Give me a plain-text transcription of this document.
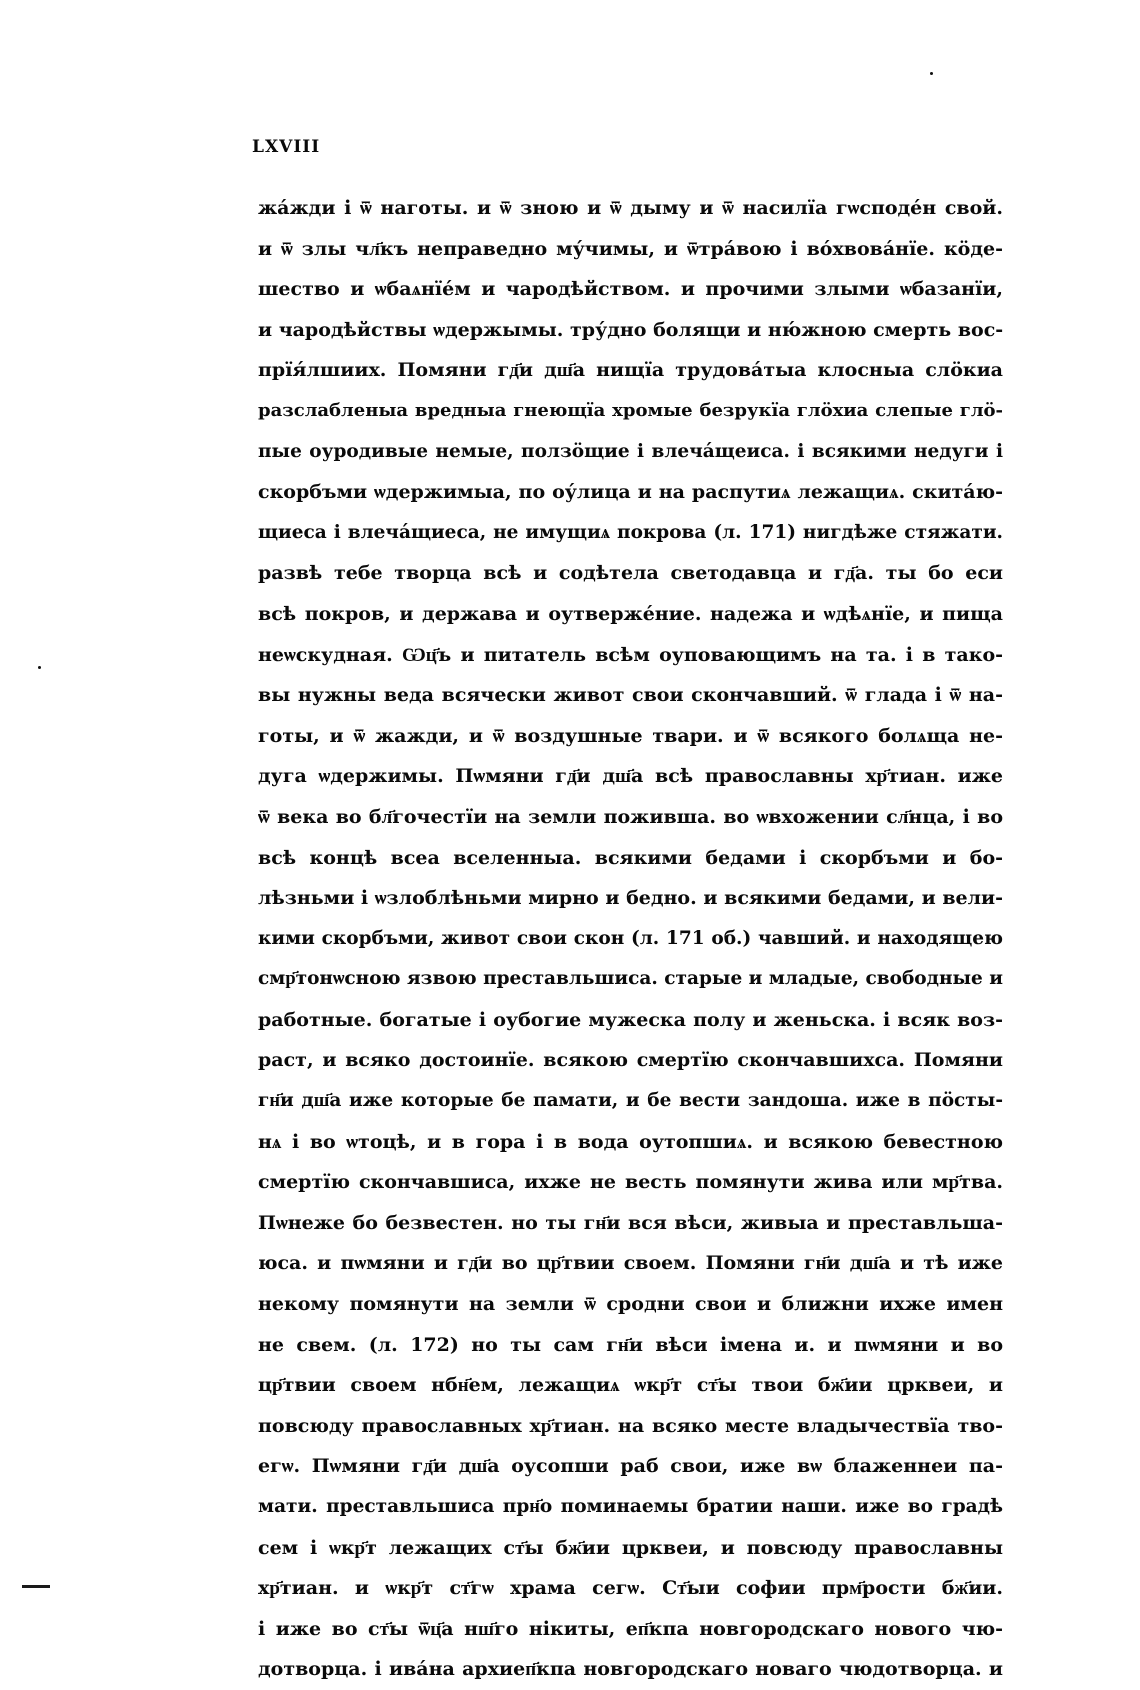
LXVIII
жа́жди і ѿ наготы. и ѿ зною и ѿ дыму и ѿ насилїа гѡсподе́н свой.
и ѿ злы чл҃къ неправедно му́чимы, и ѿтра́вою і во́хвова́нїе. кӧде-
шество и ѡбаѧнїе́м и чародѣйством. и прочими злыми ѡбазанїи,
и чародѣйствы ѡдержымы. тру́дно болящи и ню́жною смерть вос-
прїя́лшиих. Помяни гд҃и дш҃а нищїа трудова́тыа клосныа слӧкиа
разслабленыа вредныа гнеющїа хромые безрукїа глӧхиа слепые глӧ-
пые оуродивые немые, ползӧщие і влеча́щеиса. і всякими недуги і
скорбъми ѡдержимыа, по оу́лица и на распутиѧ лежащиѧ. скита́ю-
щиеса і влеча́щиеса, не имущиѧ покрова (л. 171) нигдѣже стяжати.
развѣ тебе творца всѣ и содѣтела светодавца и гд҃а. ты бо еси
всѣ покров, и держава и оутверже́ние. надежа и ѡдѣѧнїе, и пища
неѡскудная. Ѡц҃ъ и питатель всѣм оуповающимъ на та. і в тако-
вы нужны веда всячески живот свои скончавший. ѿ глада і ѿ на-
готы, и ѿ жажди, и ѿ воздушные твари. и ѿ всякого болѧща не-
дуга ѡдержимы. Пѡмяни гд҃и дш҃а всѣ православны хр҃тиан. иже
ѿ века во бл҃гочестїи на земли поживша. во ѡвхожении сл҃нца, і во
всѣ концѣ всеа вселенныа. всякими бедами і скорбъми и бо-
лѣзньми і ѡзлоблѣньми мирно и бедно. и всякими бедами, и вели-
кими скорбъми, живот свои скон (л. 171 об.) чавший. и находящею
смр҃тонѡсною язвою преставльшиса. старые и младые, свободные и
работные. богатые і оубогие мужеска полу и женьска. і всяк воз-
раст, и всяко достоинїе. всякою смертїю скончавшихса. Помяни
гн҃и дш҃а иже которые бе памати, и бе вести зандоша. иже в пӧсты-
нѧ і во ѡтоцѣ, и в гора і в вода оутопшиѧ. и всякою бевестною
смертїю скончавшиса, ихже не весть помянути жива или мр҃тва.
Пѡнеже бо безвестен. но ты гн҃и вся вѣси, живыа и преставльша-
юса. и пѡмяни и гд҃и во цр҃твии своем. Помяни гн҃и дш҃а и тѣ иже
некому помянути на земли ѿ сродни свои и ближни ихже имен
не свем. (л. 172) но ты сам гн҃и вѣси імена и. и пѡмяни и во
цр҃твии своем нбн҃ем, лежащиѧ ѡкр҃т ст҃ы твои бж҃ии црквеи, и
повсюду православных хр҃тиан. на всяко месте владычествїа тво-
егѡ. Пѡмяни гд҃и дш҃а оусопши раб свои, иже вѡ блаженнеи па-
мати. преставльшиса прн҃о поминаемы братии наши. иже во градѣ
сем і ѡкр҃т лежащих ст҃ы бж҃ии црквеи, и повсюду православны
хр҃тиан. и ѡкр҃т ст҃гѡ храма сегѡ. Ст҃ыи софии прм҃рости бж҃ии.
і иже во ст҃ы ѿц҃а нш҃го нікиты, еп҃кпа новгородскаго нового чю-
дотворца. і ива́на архиеп҃кпа новгородскаго новаго чюдотворца. и
